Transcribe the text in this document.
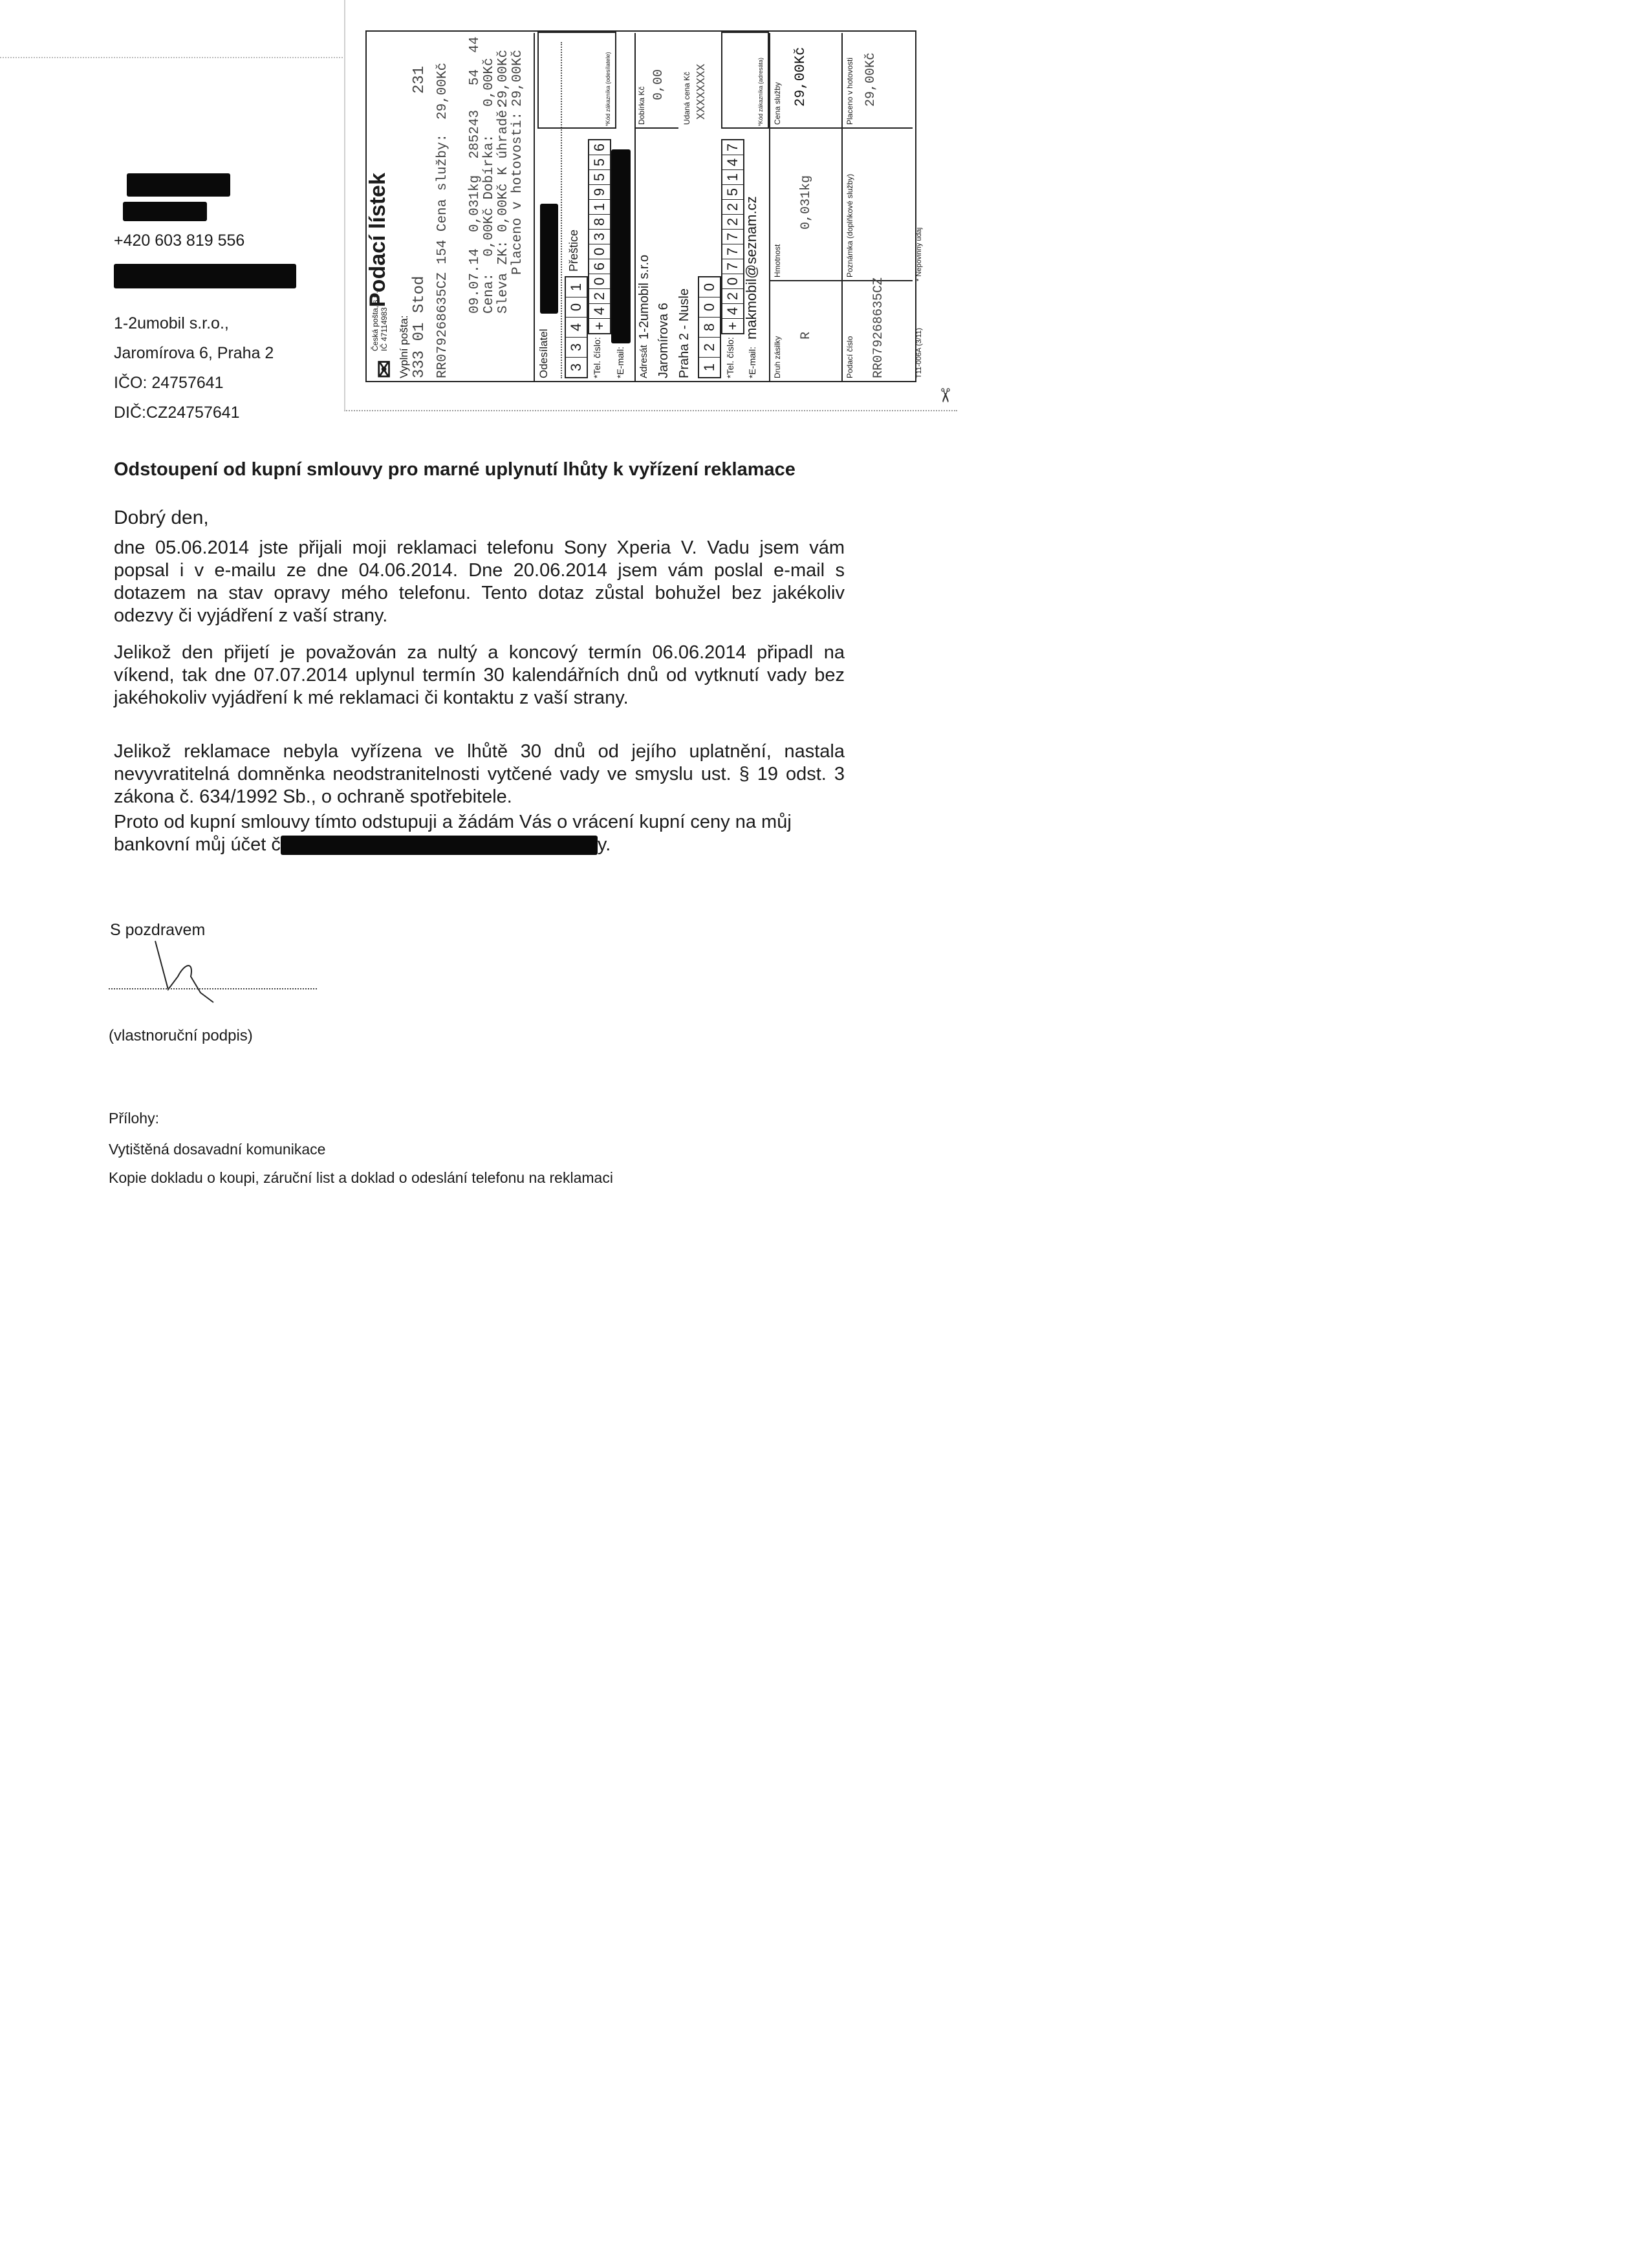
+420 603 819 556
1-2umobil s.r.o.,
Jaromírova 6, Praha 2
IČO: 24757641
DIČ:CZ24757641
✉
Česká pošta, s.p. IČ 47114983
Podací lístek
Vyplní pošta: 333 01 Stod
231
RR079268635CZ 154 Cena služby:
29,00Kč 09.07.14  0,031kg  285243   54  44 Cena:  0,00Kč Dobírka:
0,00Kč
Sleva ZK: 0,00Kč K úhradě:
29,00Kč
Placeno v hotovosti:
29,00Kč
Odesílatel 3
3
4
0
1
Přeštice
*Tel. číslo:
+
4
2
0
6
0
3
8
1
9
5
5
6
*Kód zákazníka (odesílatele)
*E-mail: Adresát
1-2umobil s.r.o
Jaromírova 6 Praha 2 - Nusle 1
2
8
0
0
*Tel. číslo:
+
4
2
0
7
7
7
2
2
5
1
4
7
*E-mail:
makmobil@seznam.cz
Dobírka Kč
0,00 Udaná cena Kč XXXXXXXX	*Kód zákazníka (adresáta)
Druh zásilky
R
Hmotnost
0,031kg
Cena služby 29,00Kč
Podací číslo RR079268635CZ
Poznámka (doplňkové služby)
Placeno v hotovosti 29,00Kč
T11-006A (3/11)
* Nepovinný údaj
✂
Odstoupení od kupní smlouvy pro marné uplynutí lhůty k vyřízení reklamace
Dobrý den,
dne 05.06.2014 jste přijali moji reklamaci telefonu Sony Xperia V. Vadu jsem vám popsal i v e-mailu ze dne 04.06.2014. Dne 20.06.2014 jsem vám poslal e-mail s dotazem na stav opravy mého telefonu. Tento dotaz zůstal bohužel bez jakékoliv odezvy či vyjádření z vaší strany.
Jelikož den přijetí je považován za nultý a koncový termín 06.06.2014 připadl na víkend, tak dne 07.07.2014 uplynul termín 30 kalendářních dnů od vytknutí vady bez jakéhokoliv vyjádření k mé reklamaci či kontaktu z vaší strany.
Jelikož reklamace nebyla vyřízena ve lhůtě 30 dnů od jejího uplatnění, nastala nevyvratitelná domněnka neodstranitelnosti vytčené vady ve smyslu ust. § 19 odst. 3 zákona č. 634/1992 Sb., o ochraně spotřebitele.
Proto od kupní smlouvy tímto odstupuji a žádám Vás o vrácení kupní ceny na můj
bankovní můj účet č	y.
S pozdravem
(vlastnoruční podpis)
Přílohy:
Vytištěná dosavadní komunikace
Kopie dokladu o koupi, záruční list a doklad o odeslání telefonu na reklamaci
